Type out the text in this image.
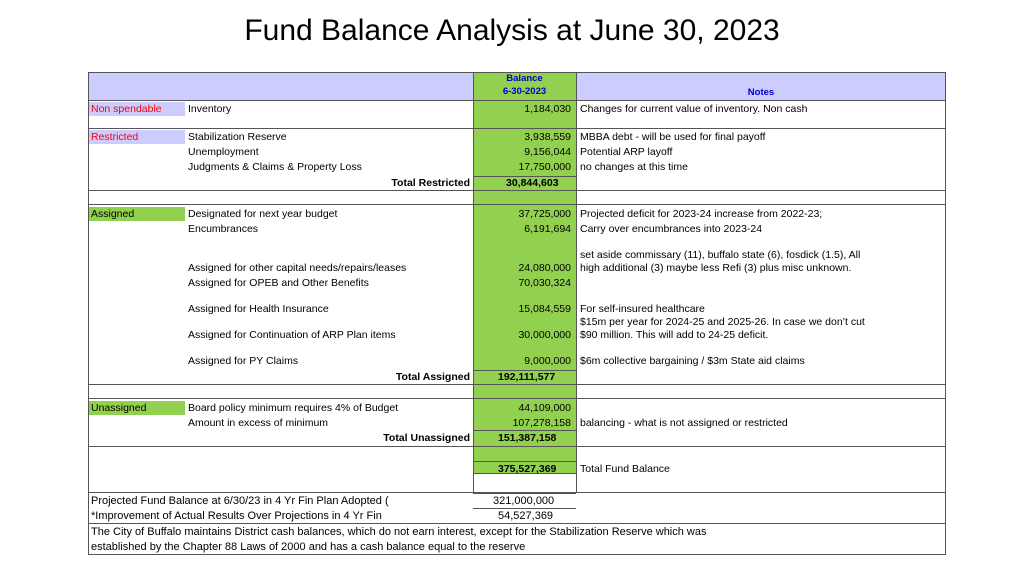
Fund Balance Analysis at June 30, 2023
Balance
6-30-2023	Notes
Non spendable	Inventory	1,184,030 Changes for current value of inventory. Non cash
Restricted	Stabilization Reserve	3,938,559 MBBA debt - will be used for final payoff
Unemployment	9,156,044 Potential ARP layoff
Judgments & Claims & Property Loss	17,750,000 no changes at this time
Total Restricted	30,844,603
Assigned	Designated for next year budget	37,725,000 Projected deficit for 2023-24 increase from 2022-23;
Encumbrances	6,191,694 Carry over encumbrances into 2023-24
set aside commissary (11), buffalo state (6), fosdick (1.5), All
Assigned for other capital needs/repairs/leases	24,080,000 high additional (3) maybe less Refi (3) plus misc unknown.
Assigned for OPEB and Other Benefits	70,030,324
Assigned for Health Insurance	15,084,559 For self-insured healthcare
$15m per year for 2024-25 and 2025-26. In case we don’t cut
Assigned for Continuation of ARP Plan items	30,000,000 $90 million. This will add to 24-25 deficit.
Assigned for PY Claims	9,000,000 $6m collective bargaining / $3m State aid claims
Total Assigned	192,111,577
Unassigned	Board policy minimum requires 4% of Budget	44,109,000
Amount in excess of minimum	107,278,158 balancing - what is not assigned or restricted
Total Unassigned	151,387,158
375,527,369 Total Fund Balance
Projected Fund Balance at 6/30/23 in 4 Yr Fin Plan Adopted (	321,000,000
*Improvement of Actual Results Over Projections in 4 Yr Fin	54,527,369
The City of Buffalo maintains District cash balances, which do not earn interest, except for the Stabilization Reserve which was
established by the Chapter 88 Laws of 2000 and has a cash balance equal to the reserve
